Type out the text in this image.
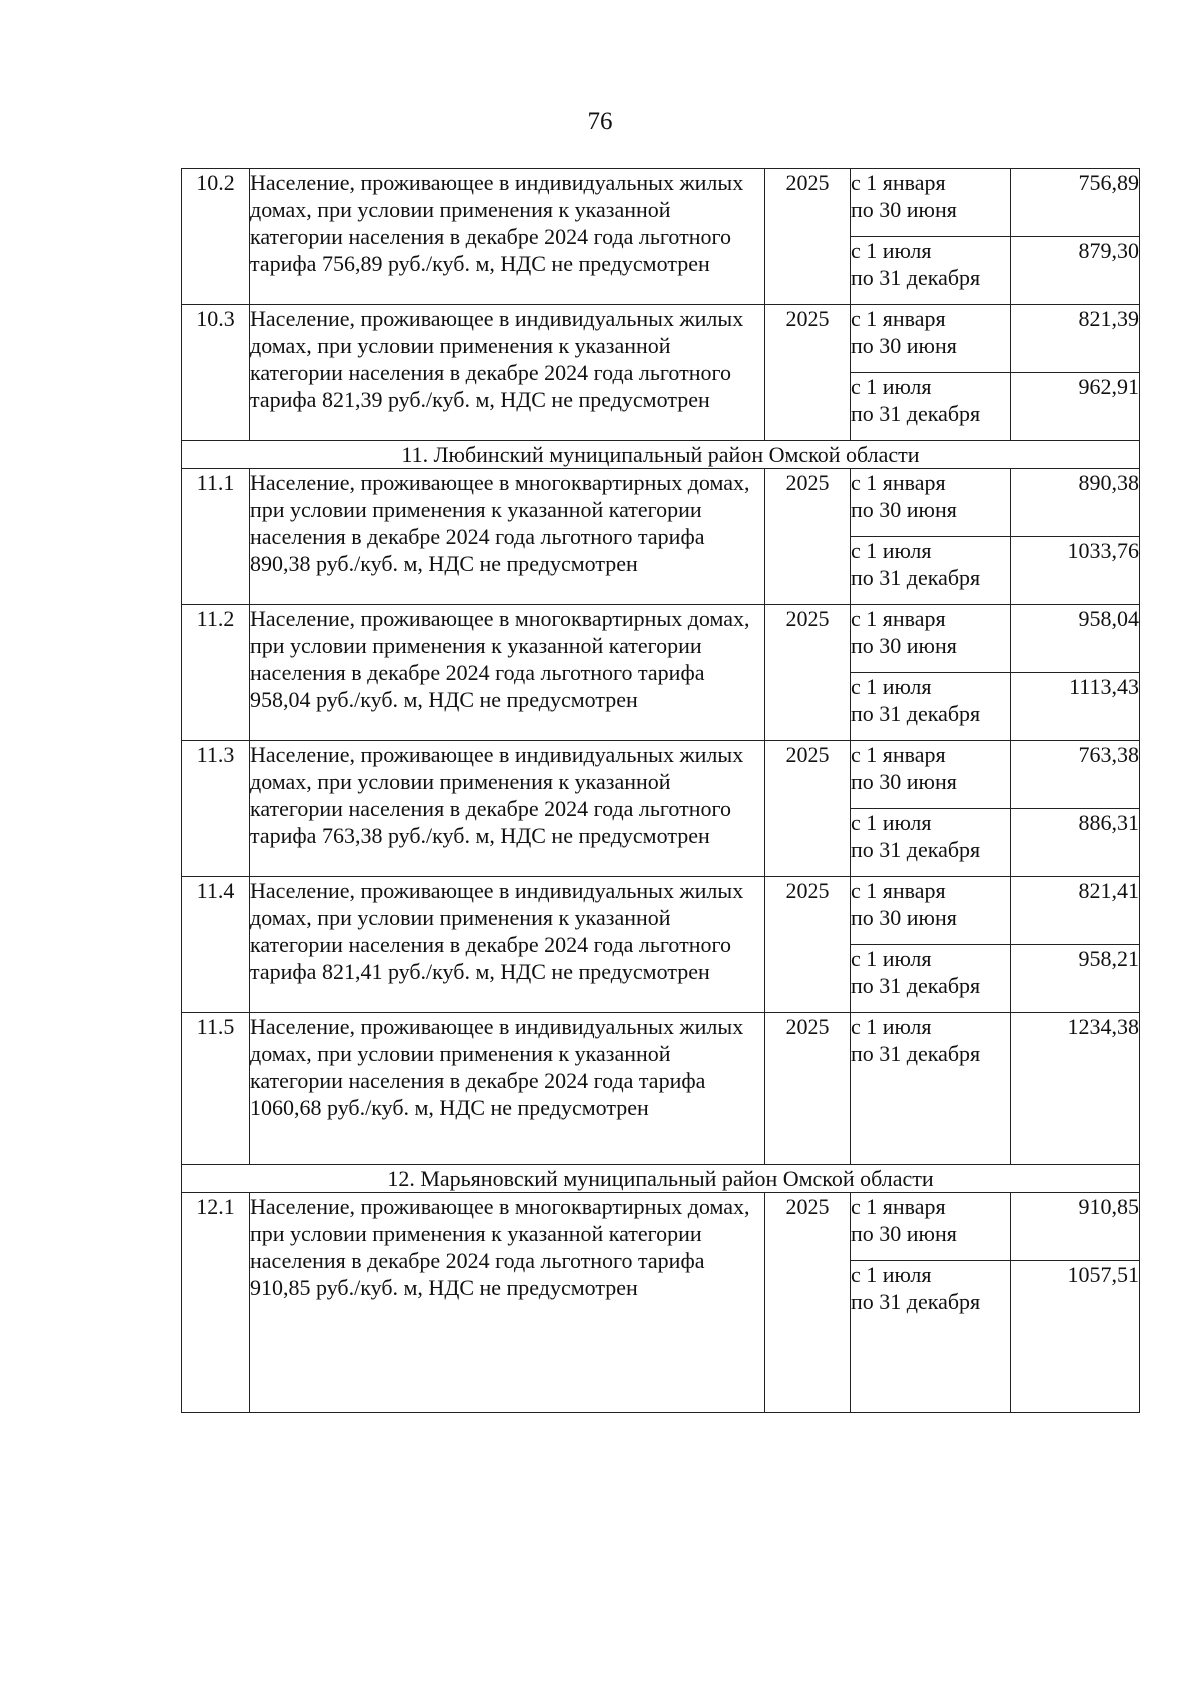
76
10.2	Население, проживающее в индивидуальных жилых домах, при условии применения к указанной категории населения в декабре 2024 года льготного тарифа 756,89 руб./куб. м, НДС не предусмотрен	2025	с 1 января
по 30 июня	756,89

			с 1 июля
по 31 декабря	879,30
10.3	Население, проживающее в индивидуальных жилых домах, при условии применения к указанной категории населения в декабре 2024 года льготного тарифа 821,39 руб./куб. м, НДС не предусмотрен	2025	с 1 января
по 30 июня	821,39

			с 1 июля
по 31 декабря	962,91
11. Любинский муниципальный район Омской области				
11.1	Население, проживающее в многоквартирных домах, при условии применения к указанной категории населения в декабре 2024 года льготного тарифа 890,38 руб./куб. м, НДС не предусмотрен	2025	с 1 января
по 30 июня	890,38

			с 1 июля
по 31 декабря	1033,76
11.2	Население, проживающее в многоквартирных домах, при условии применения к указанной категории населения в декабре 2024 года льготного тарифа 958,04 руб./куб. м, НДС не предусмотрен	2025	с 1 января
по 30 июня	958,04

			с 1 июля
по 31 декабря	1113,43
11.3	Население, проживающее в индивидуальных жилых домах, при условии применения к указанной категории населения в декабре 2024 года льготного тарифа 763,38 руб./куб. м, НДС не предусмотрен	2025	с 1 января
по 30 июня	763,38

			с 1 июля
по 31 декабря	886,31
11.4	Население, проживающее в индивидуальных жилых домах, при условии применения к указанной категории населения в декабре 2024 года льготного тарифа 821,41 руб./куб. м, НДС не предусмотрен	2025	с 1 января
по 30 июня	821,41

			с 1 июля
по 31 декабря	958,21
11.5	Население, проживающее в индивидуальных жилых домах, при условии применения к указанной категории населения в декабре 2024 года тарифа 1060,68 руб./куб. м, НДС не предусмотрен	2025	с 1 июля
по 31 декабря	1234,38
12. Марьяновский муниципальный район Омской области				
12.1	Население, проживающее в многоквартирных домах, при условии применения к указанной категории населения в декабре 2024 года льготного тарифа 910,85 руб./куб. м, НДС не предусмотрен	2025	с 1 января
по 30 июня	910,85

			с 1 июля
по 31 декабря	1057,51
